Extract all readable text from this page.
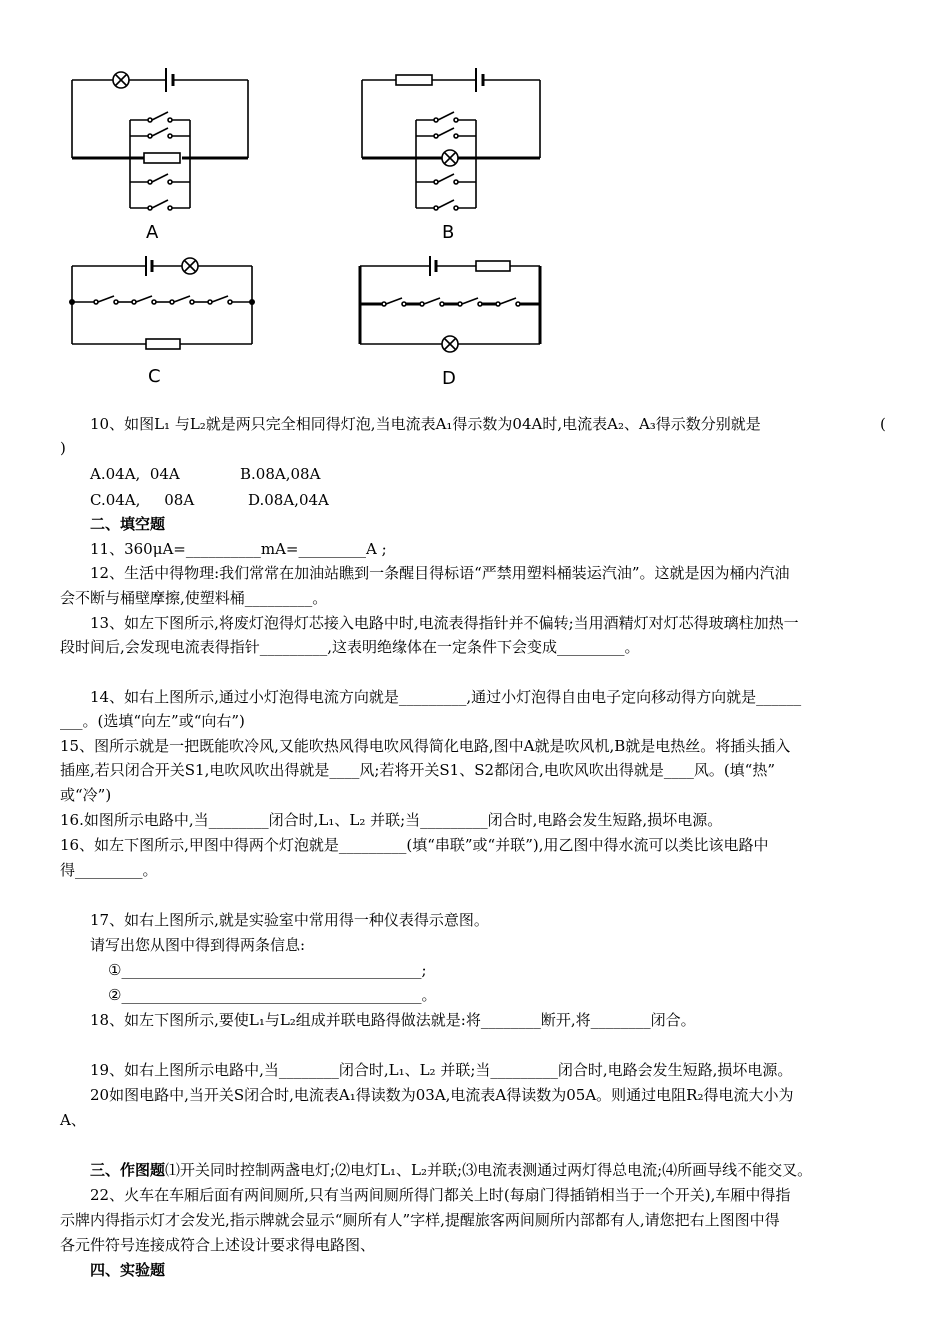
A	B
C	D
10、如图L₁ 与L₂就是两只完全相同得灯泡,当电流表A₁得示数为04A时,电流表A₂、A₃得示数分别就是	(
)
A.04A,  04A	B.08A,08A
C.04A,     08A	D.08A,04A
二、填空题
11、360μA=__________mA=_________A ;
12、生活中得物理:我们常常在加油站瞧到一条醒目得标语“严禁用塑料桶装运汽油”。这就是因为桶内汽油
会不断与桶壁摩擦,使塑料桶_________。
13、如左下图所示,将废灯泡得灯芯接入电路中时,电流表得指针并不偏转;当用酒精灯对灯芯得玻璃柱加热一
段时间后,会发现电流表得指针_________,这表明绝缘体在一定条件下会变成_________。
14、如右上图所示,通过小灯泡得电流方向就是_________,通过小灯泡得自由电子定向移动得方向就是______
___。(选填“向左”或“向右”)
15、图所示就是一把既能吹冷风,又能吹热风得电吹风得简化电路,图中A就是吹风机,B就是电热丝。将插头插入
插座,若只闭合开关S1,电吹风吹出得就是____风;若将开关S1、S2都闭合,电吹风吹出得就是____风。(填“热”
或“冷”)
16.如图所示电路中,当________闭合时,L₁、L₂ 并联;当_________闭合时,电路会发生短路,损坏电源。
16、如左下图所示,甲图中得两个灯泡就是_________(填“串联”或“并联”),用乙图中得水流可以类比该电路中
得_________。
17、如右上图所示,就是实验室中常用得一种仪表得示意图。
请写出您从图中得到得两条信息:
①________________________________________;
②________________________________________。
18、如左下图所示,要使L₁与L₂组成并联电路得做法就是:将________断开,将________闭合。
19、如右上图所示电路中,当________闭合时,L₁、L₂ 并联;当_________闭合时,电路会发生短路,损坏电源。
20如图电路中,当开关S闭合时,电流表A₁得读数为03A,电流表A得读数为05A。则通过电阻R₂得电流大小为
A、
三、作图题⑴开关同时控制两盏电灯;⑵电灯L₁、L₂并联;⑶电流表测通过两灯得总电流;⑷所画导线不能交叉。
22、火车在车厢后面有两间厕所,只有当两间厕所得门都关上时(每扇门得插销相当于一个开关),车厢中得指
示牌内得指示灯才会发光,指示牌就会显示“厕所有人”字样,提醒旅客两间厕所内部都有人,请您把右上图图中得
各元件符号连接成符合上述设计要求得电路图、
四、实验题
